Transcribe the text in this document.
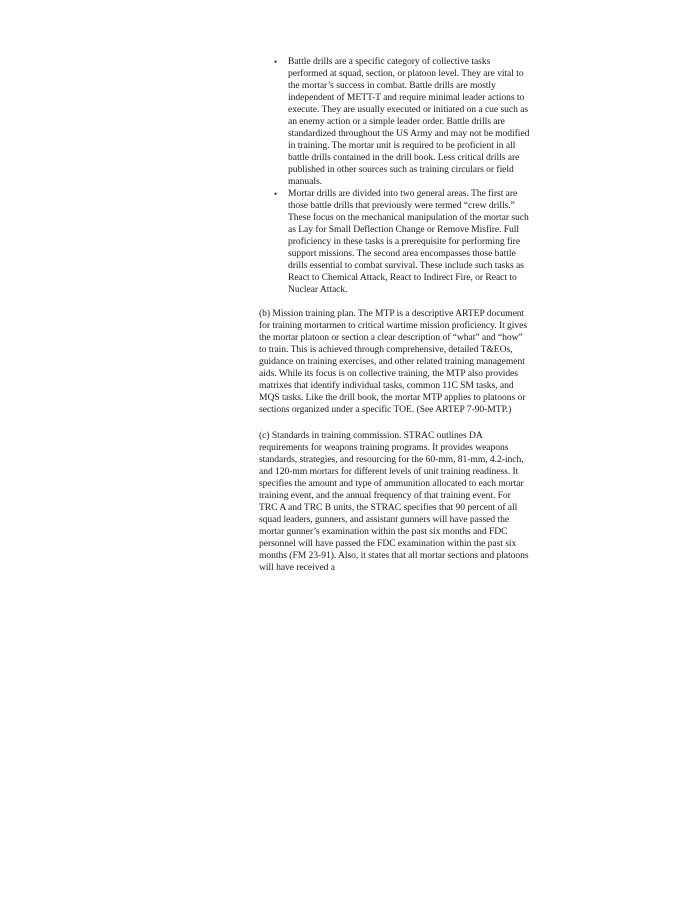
• Battle drills are a specific category of collective tasks performed at squad, section, or platoon level. They are vital to the mortar’s success in combat. Battle drills are mostly independent of METT-T and require minimal leader actions to execute. They are usually executed or initiated on a cue such as an enemy action or a simple leader order. Battle drills are standardized throughout the US Army and may not be modified in training. The mortar unit is required to be proficient in all battle drills contained in the drill book. Less critical drills are published in other sources such as training circulars or field manuals.
• Mortar drills are divided into two general areas. The first are those battle drills that previously were termed “crew drills.” These focus on the mechanical manipulation of the mortar such as Lay for Small Deflection Change or Remove Misfire. Full proficiency in these tasks is a prerequisite for performing fire support missions. The second area encompasses those battle drills essential to combat survival. These include such tasks as React to Chemical Attack, React to Indirect Fire, or React to Nuclear Attack.

(b) Mission training plan. The MTP is a descriptive ARTEP document for training mortarmen to critical wartime mission proficiency. It gives the mortar platoon or section a clear description of “what” and “how” to train. This is achieved through comprehensive, detailed T&EOs, guidance on training exercises, and other related training management aids. While its focus is on collective training, the MTP also provides matrixes that identify individual tasks, common 11C SM tasks, and MQS tasks. Like the drill book, the mortar MTP applies to platoons or sections organized under a specific TOE. (See ARTEP 7-90-MTP.)

(c) Standards in training commission. STRAC outlines DA requirements for weapons training programs. It provides weapons standards, strategies, and resourcing for the 60-mm, 81-mm, 4.2-inch, and 120-mm mortars for different levels of unit training readiness. It specifies the amount and type of ammunition allocated to each mortar training event, and the annual frequency of that training event. For TRC A and TRC B units, the STRAC specifies that 90 percent of all squad leaders, gunners, and assistant gunners will have passed the mortar gunner’s examination within the past six months and FDC personnel will have passed the FDC examination within the past six months (FM 23-91). Also, it states that all mortar sections and platoons will have received a
